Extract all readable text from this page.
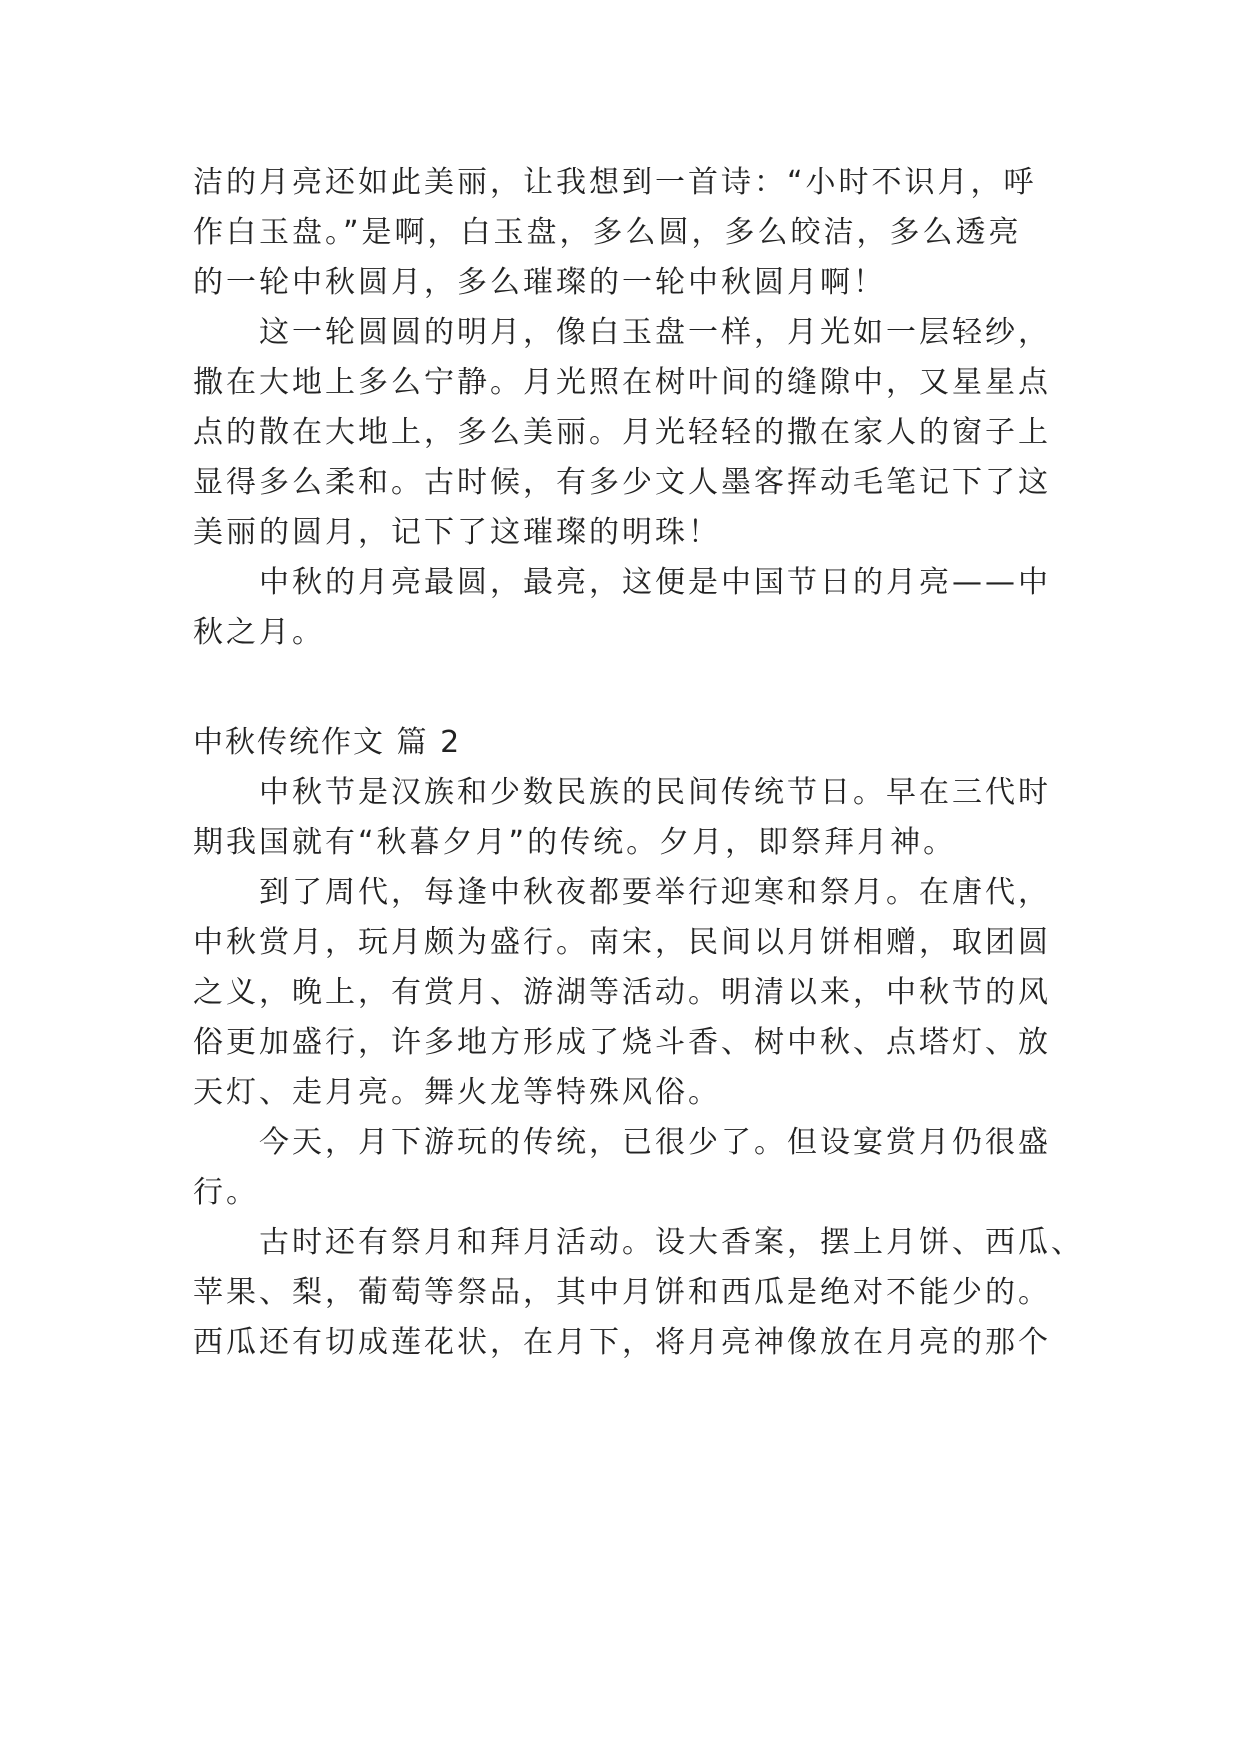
洁的月亮还如此美丽，让我想到一首诗：“小时不识月，呼
作白玉盘。”是啊，白玉盘，多么圆，多么皎洁，多么透亮
的一轮中秋圆月，多么璀璨的一轮中秋圆月啊！
这一轮圆圆的明月，像白玉盘一样，月光如一层轻纱，
撒在大地上多么宁静。月光照在树叶间的缝隙中，又星星点
点的散在大地上，多么美丽。月光轻轻的撒在家人的窗子上
显得多么柔和。古时候，有多少文人墨客挥动毛笔记下了这
美丽的圆月，记下了这璀璨的明珠！
中秋的月亮最圆，最亮，这便是中国节日的月亮——中
秋之月。
中秋传统作文 篇 2
中秋节是汉族和少数民族的民间传统节日。早在三代时
期我国就有“秋暮夕月”的传统。夕月，即祭拜月神。
到了周代，每逢中秋夜都要举行迎寒和祭月。在唐代，
中秋赏月，玩月颇为盛行。南宋，民间以月饼相赠，取团圆
之义，晚上，有赏月、游湖等活动。明清以来，中秋节的风
俗更加盛行，许多地方形成了烧斗香、树中秋、点塔灯、放
天灯、走月亮。舞火龙等特殊风俗。
今天，月下游玩的传统，已很少了。但设宴赏月仍很盛
行。
古时还有祭月和拜月活动。设大香案，摆上月饼、西瓜、
苹果、梨，葡萄等祭品，其中月饼和西瓜是绝对不能少的。
西瓜还有切成莲花状，在月下，将月亮神像放在月亮的那个
